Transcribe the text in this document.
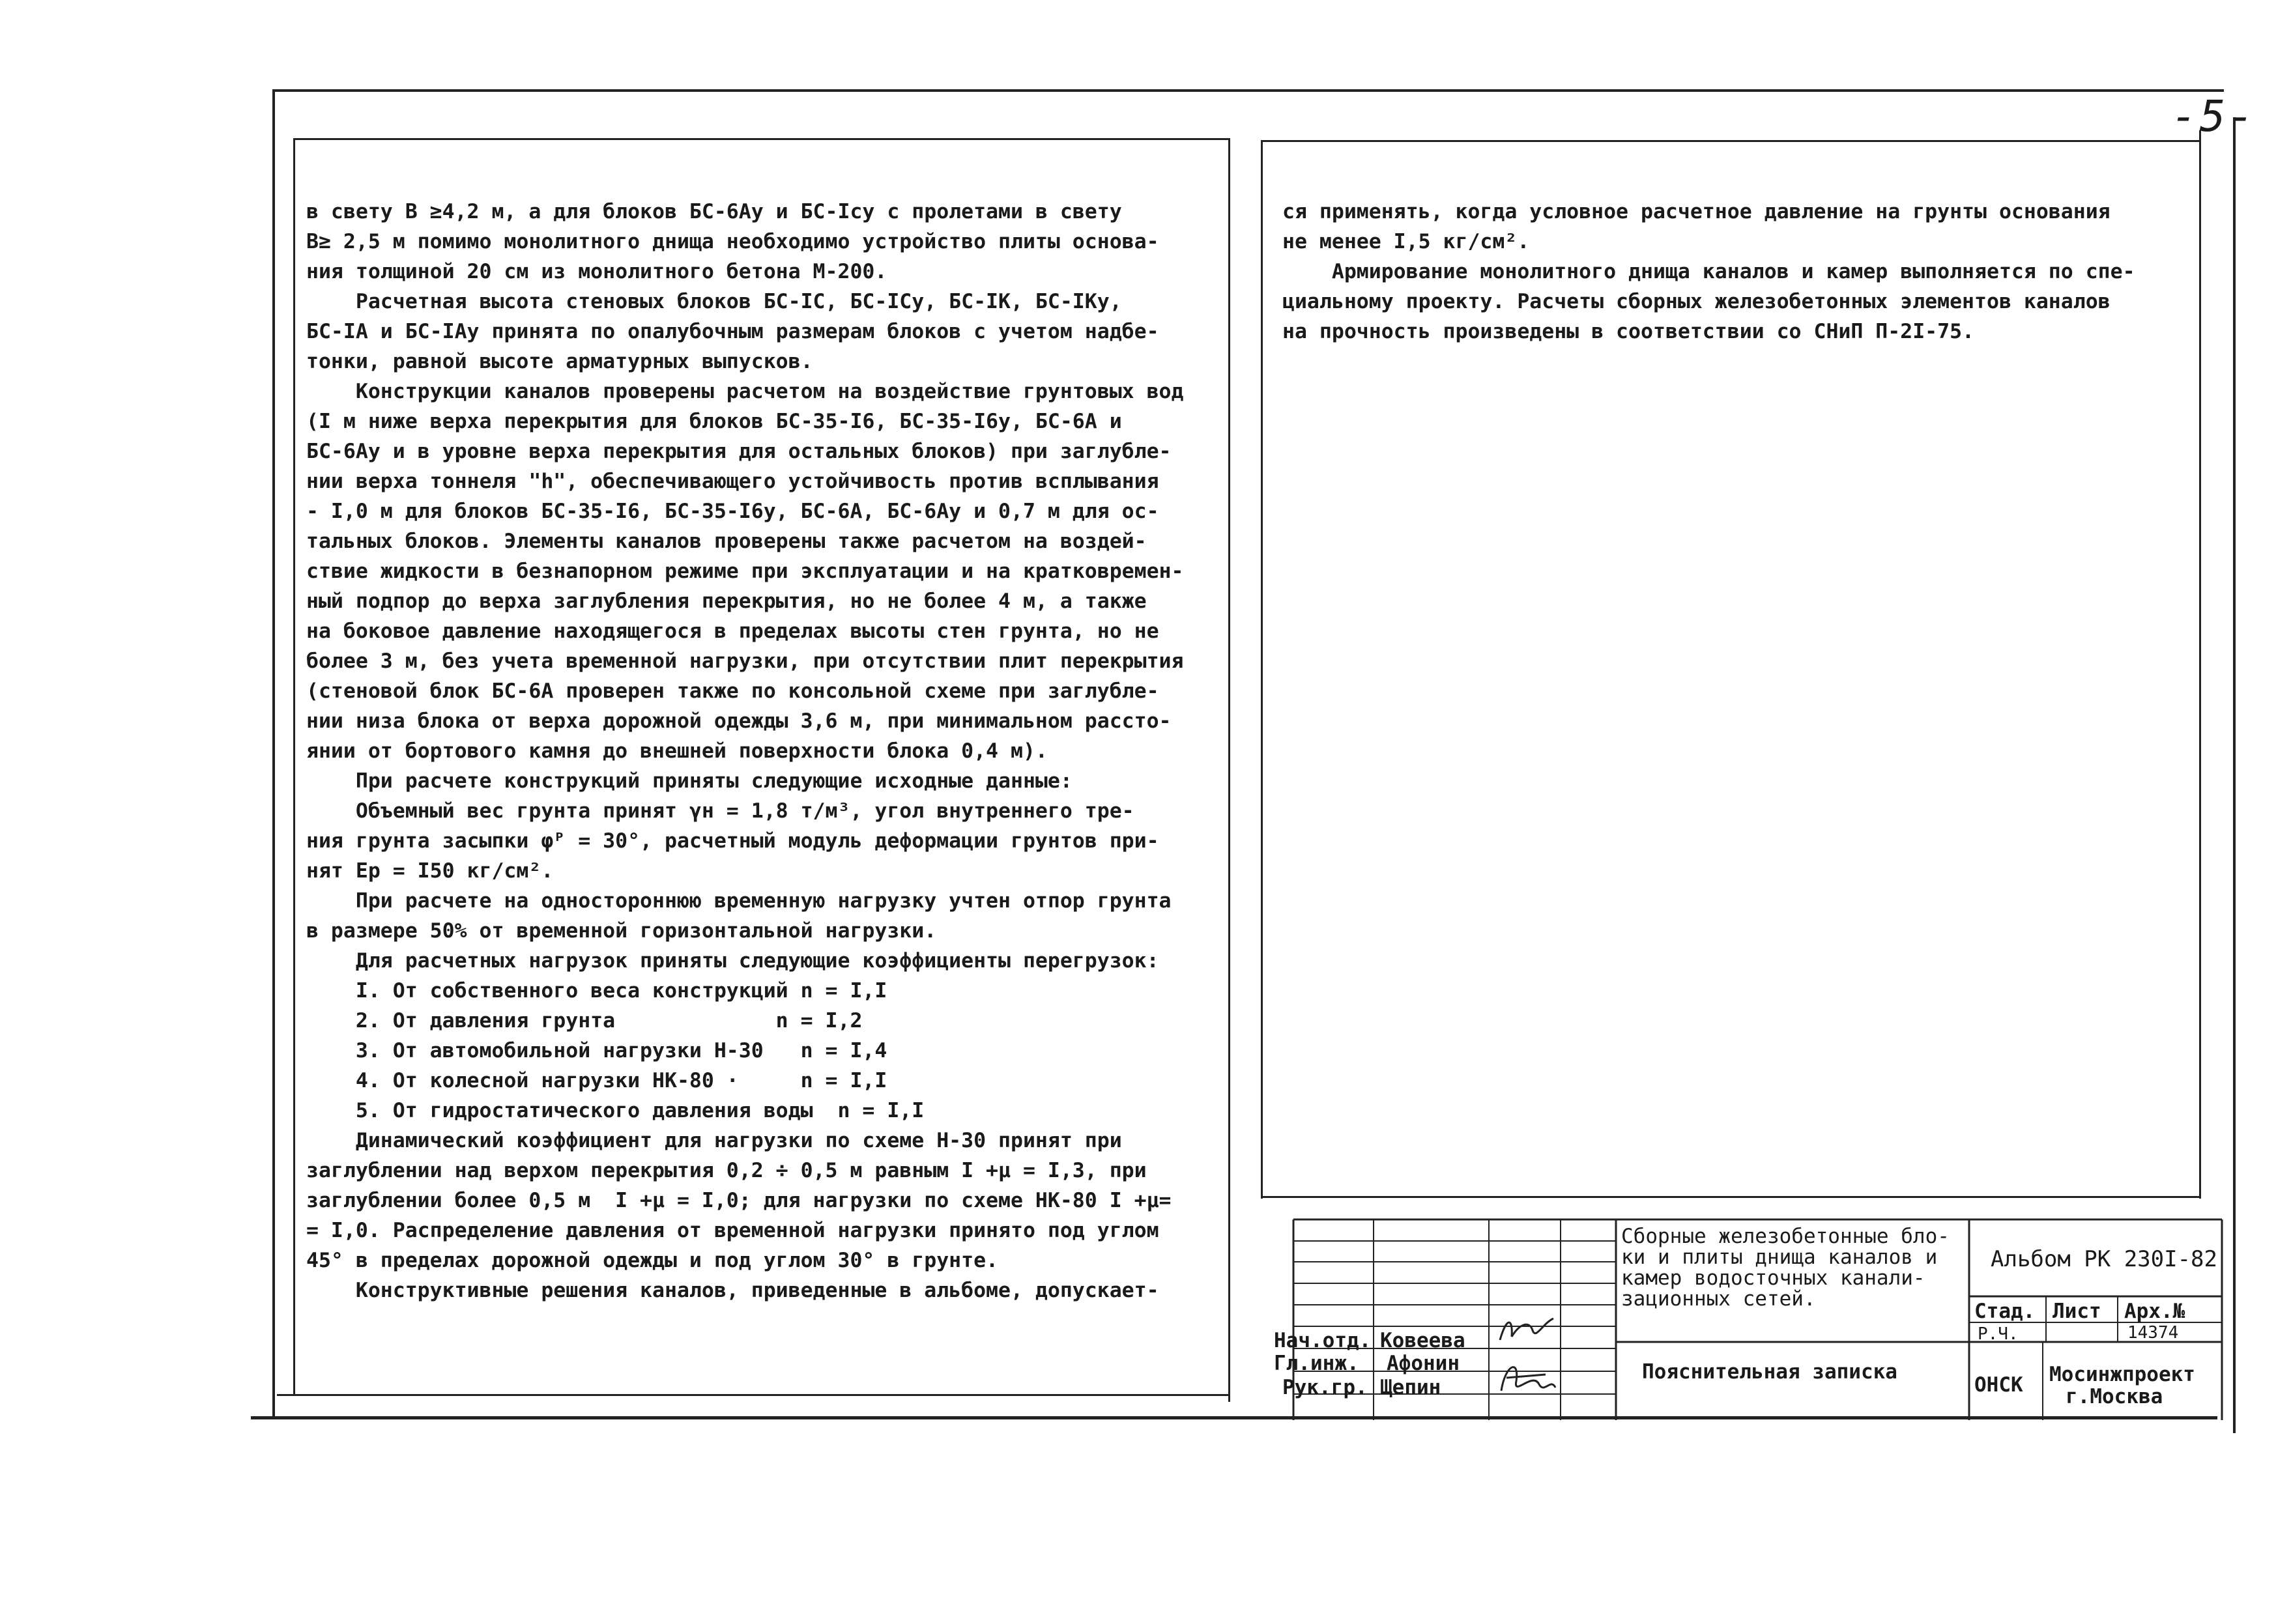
-5-
в свету В ≥4,2 м, а для блоков БС-6Ау и БС-Iсу с пролетами в свету
В≥ 2,5 м помимо монолитного днища необходимо устройство плиты основа-
ния толщиной 20 см из монолитного бетона М-200.
Расчетная высота стеновых блоков БС-IС, БС-IСу, БС-IК, БС-IКу,
БС-IА и БС-IАу принята по опалубочным размерам блоков с учетом надбе-
тонки, равной высоте арматурных выпусков.
Конструкции каналов проверены расчетом на воздействие грунтовых вод
(I м ниже верха перекрытия для блоков БС-35-I6, БС-35-I6у, БС-6А и
БС-6Ау и в уровне верха перекрытия для остальных блоков) при заглубле-
нии верха тоннеля "h", обеспечивающего устойчивость против всплывания
- I,0 м для блоков БС-35-I6, БС-35-I6у, БС-6А, БС-6Ау и 0,7 м для ос-
тальных блоков. Элементы каналов проверены также расчетом на воздей-
ствие жидкости в безнапорном режиме при эксплуатации и на кратковремен-
ный подпор до верха заглубления перекрытия, но не более 4 м, а также
на боковое давление находящегося в пределах высоты стен грунта, но не
более 3 м, без учета временной нагрузки, при отсутствии плит перекрытия
(стеновой блок БС-6А проверен также по консольной схеме при заглубле-
нии низа блока от верха дорожной одежды 3,6 м, при минимальном рассто-
янии от бортового камня до внешней поверхности блока 0,4 м).
При расчете конструкций приняты следующие исходные данные:
Объемный вес грунта принят γн = 1,8 т/м³, угол внутреннего тре-
ния грунта засыпки φᴾ = 30°, расчетный модуль деформации грунтов при-
нят Ep = I50 кг/см².
При расчете на одностороннюю временную нагрузку учтен отпор грунта
в размере 50% от временной горизонтальной нагрузки.
Для расчетных нагрузок приняты следующие коэффициенты перегрузок:
I. От собственного веса конструкций n = I,I
2. От давления грунта             n = I,2
3. От автомобильной нагрузки Н-30   n = I,4
4. От колесной нагрузки НК-80 ·     n = I,I
5. От гидростатического давления воды  n = I,I
Динамический коэффициент для нагрузки по схеме Н-30 принят при
заглублении над верхом перекрытия 0,2 ÷ 0,5 м равным I +μ = I,3, при
заглублении более 0,5 м  I +μ = I,0; для нагрузки по схеме НК-80 I +μ=
= I,0. Распределение давления от временной нагрузки принято под углом
45° в пределах дорожной одежды и под углом 30° в грунте.
Конструктивные решения каналов, приведенные в альбоме, допускает-
ся применять, когда условное расчетное давление на грунты основания
не менее I,5 кг/см².
Армирование монолитного днища каналов и камер выполняется по спе-
циальному проекту. Расчеты сборных железобетонных элементов каналов
на прочность произведены в соответствии со СНиП П-2I-75.
Нач.отд. Ковеева
Гл.инж. Афонин
Рук.гр. Щепин
Сборные железобетонные бло-
ки и плиты днища каналов и
камер водосточных канали-
зационных сетей.
Альбом РК 230I-82
Стад. Лист Арх.№
Р.Ч.	14374
Пояснительная записка
ОНСК Мосинжпроект
г.Москва
